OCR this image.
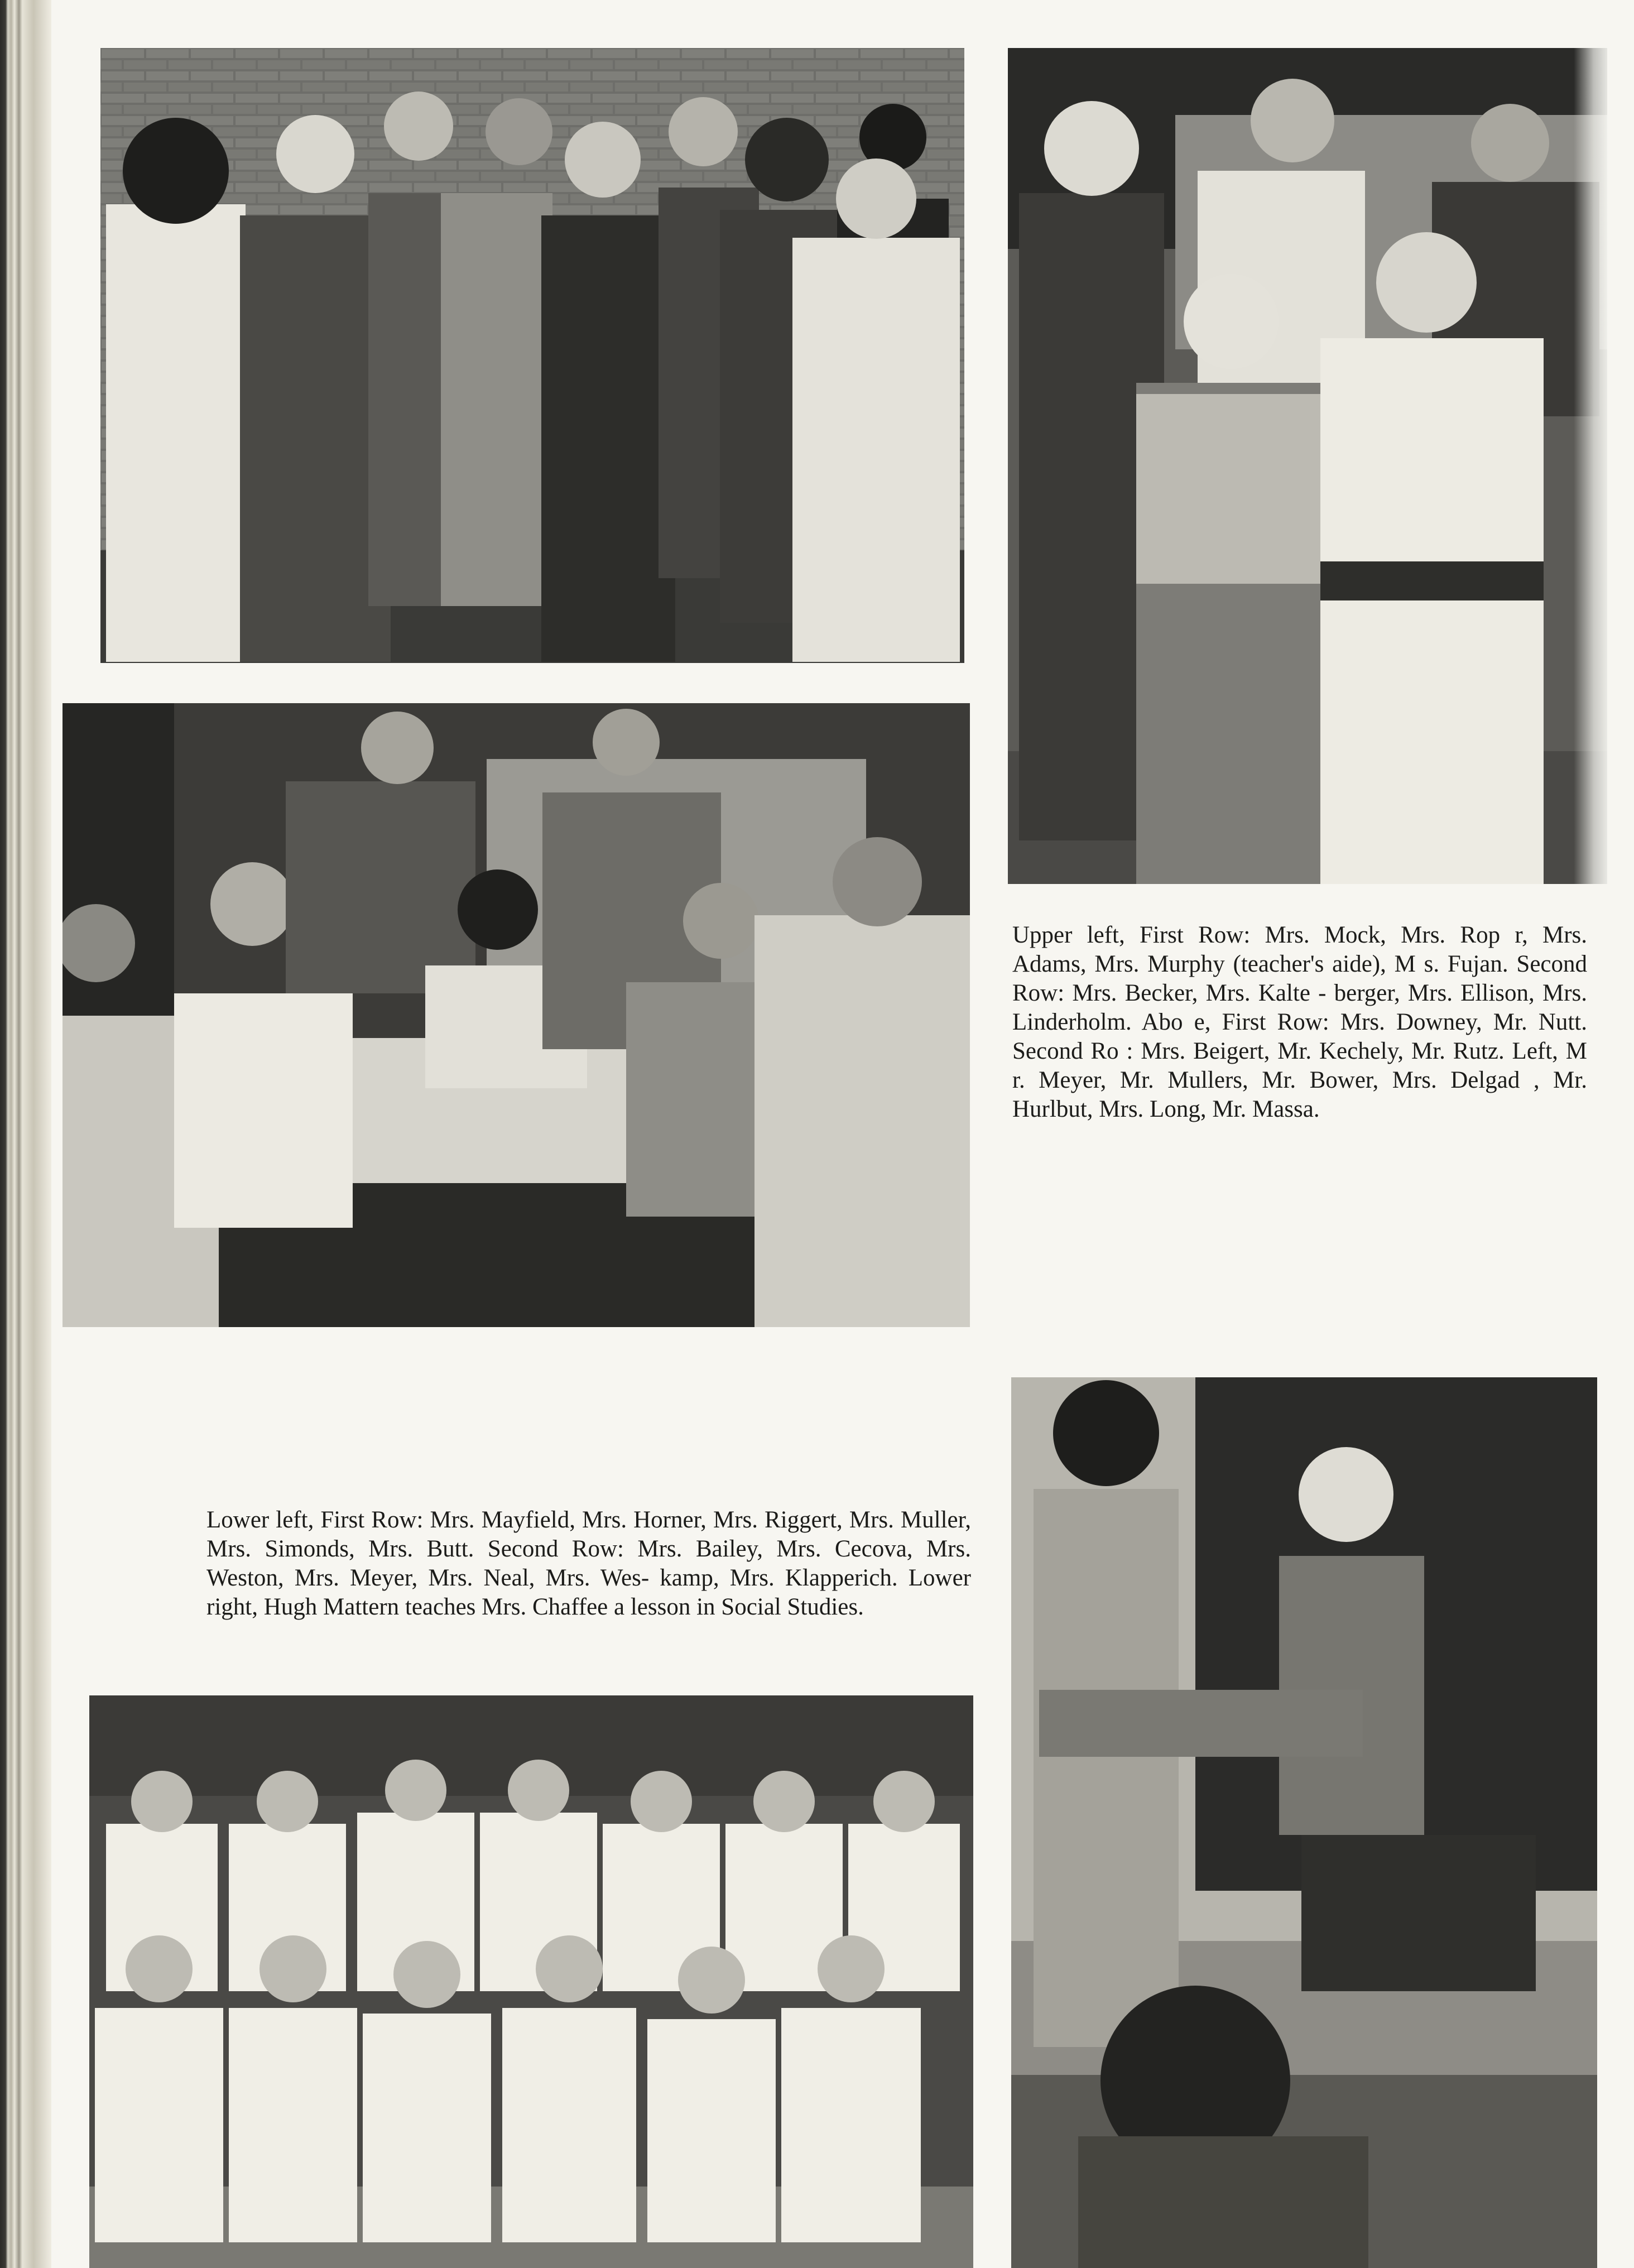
Upper left, First Row: Mrs. Mock, Mrs. Rop r, Mrs. Adams, Mrs. Murphy (teacher's aide), M s. Fujan. Second Row: Mrs. Becker, Mrs. Kalte - berger, Mrs. Ellison, Mrs. Linderholm. Abo e, First Row: Mrs. Downey, Mr. Nutt. Second Ro : Mrs. Beigert, Mr. Kechely, Mr. Rutz. Left, M r. Meyer, Mr. Mullers, Mr. Bower, Mrs. Delgad , Mr. Hurlbut, Mrs. Long, Mr. Massa.

Lower left, First Row: Mrs. Mayfield, Mrs. Horner, Mrs. Riggert, Mrs. Muller, Mrs. Simonds, Mrs. Butt. Second Row: Mrs. Bailey, Mrs. Cecova, Mrs. Weston, Mrs. Meyer, Mrs. Neal, Mrs. Wes- kamp, Mrs. Klapperich. Lower right, Hugh Mattern teaches Mrs. Chaffee a lesson in Social Studies.
